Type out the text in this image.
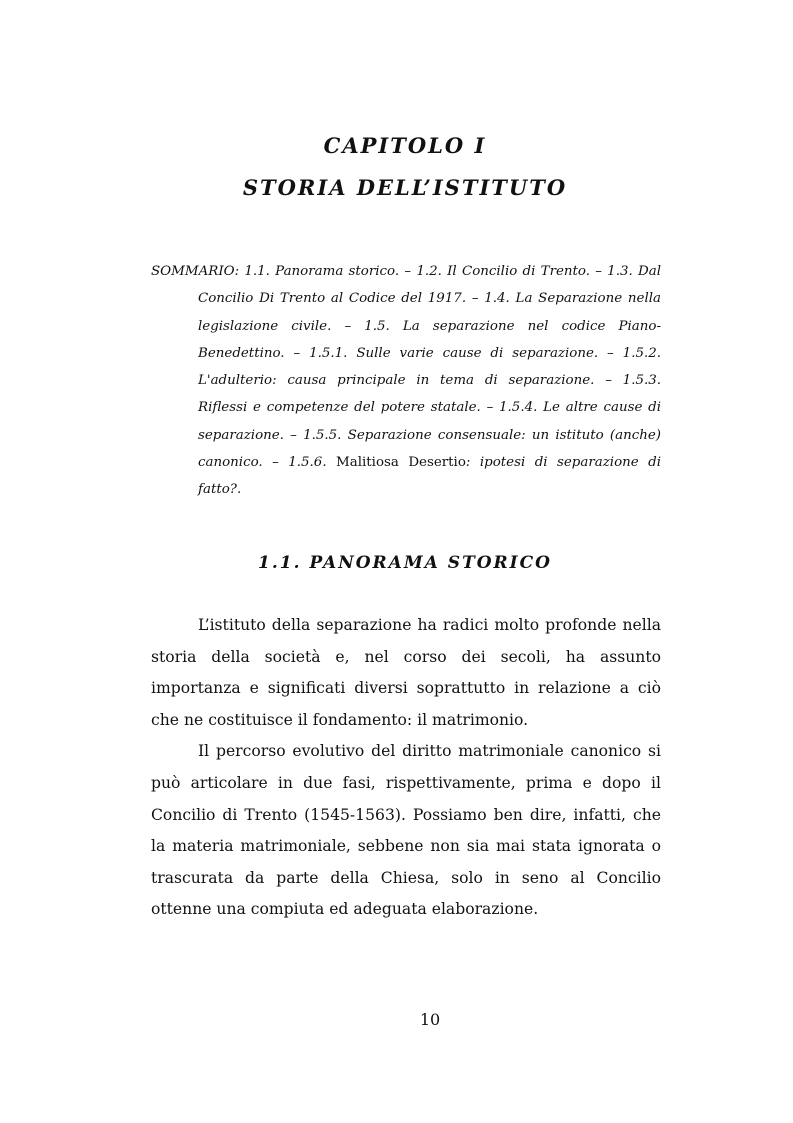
CAPITOLO I
STORIA DELL’ISTITUTO
SOMMARIO: 1.1. Panorama storico. – 1.2. Il Concilio di Trento. – 1.3. Dal Concilio Di Trento al Codice del 1917. – 1.4. La Separazione nella legislazione civile. – 1.5. La separazione nel codice Piano-Benedettino. – 1.5.1. Sulle varie cause di separazione. – 1.5.2. L'adulterio: causa principale in tema di separazione. – 1.5.3. Riflessi e competenze del potere statale. – 1.5.4. Le altre cause di separazione. – 1.5.5. Separazione consensuale: un istituto (anche) canonico. – 1.5.6. Malitiosa Desertio: ipotesi di separazione di fatto?.
1.1. PANORAMA STORICO

L’istituto della separazione ha radici molto profonde nella storia della società e, nel corso dei secoli, ha assunto importanza e significati diversi soprattutto in relazione a ciò che ne costituisce il fondamento: il matrimonio.

Il percorso evolutivo del diritto matrimoniale canonico si può articolare in due fasi, rispettivamente, prima e dopo il Concilio di Trento (1545-1563). Possiamo ben dire, infatti, che la materia matrimoniale, sebbene non sia mai stata ignorata o trascurata da parte della Chiesa, solo in seno al Concilio ottenne una compiuta ed adeguata elaborazione.

10
